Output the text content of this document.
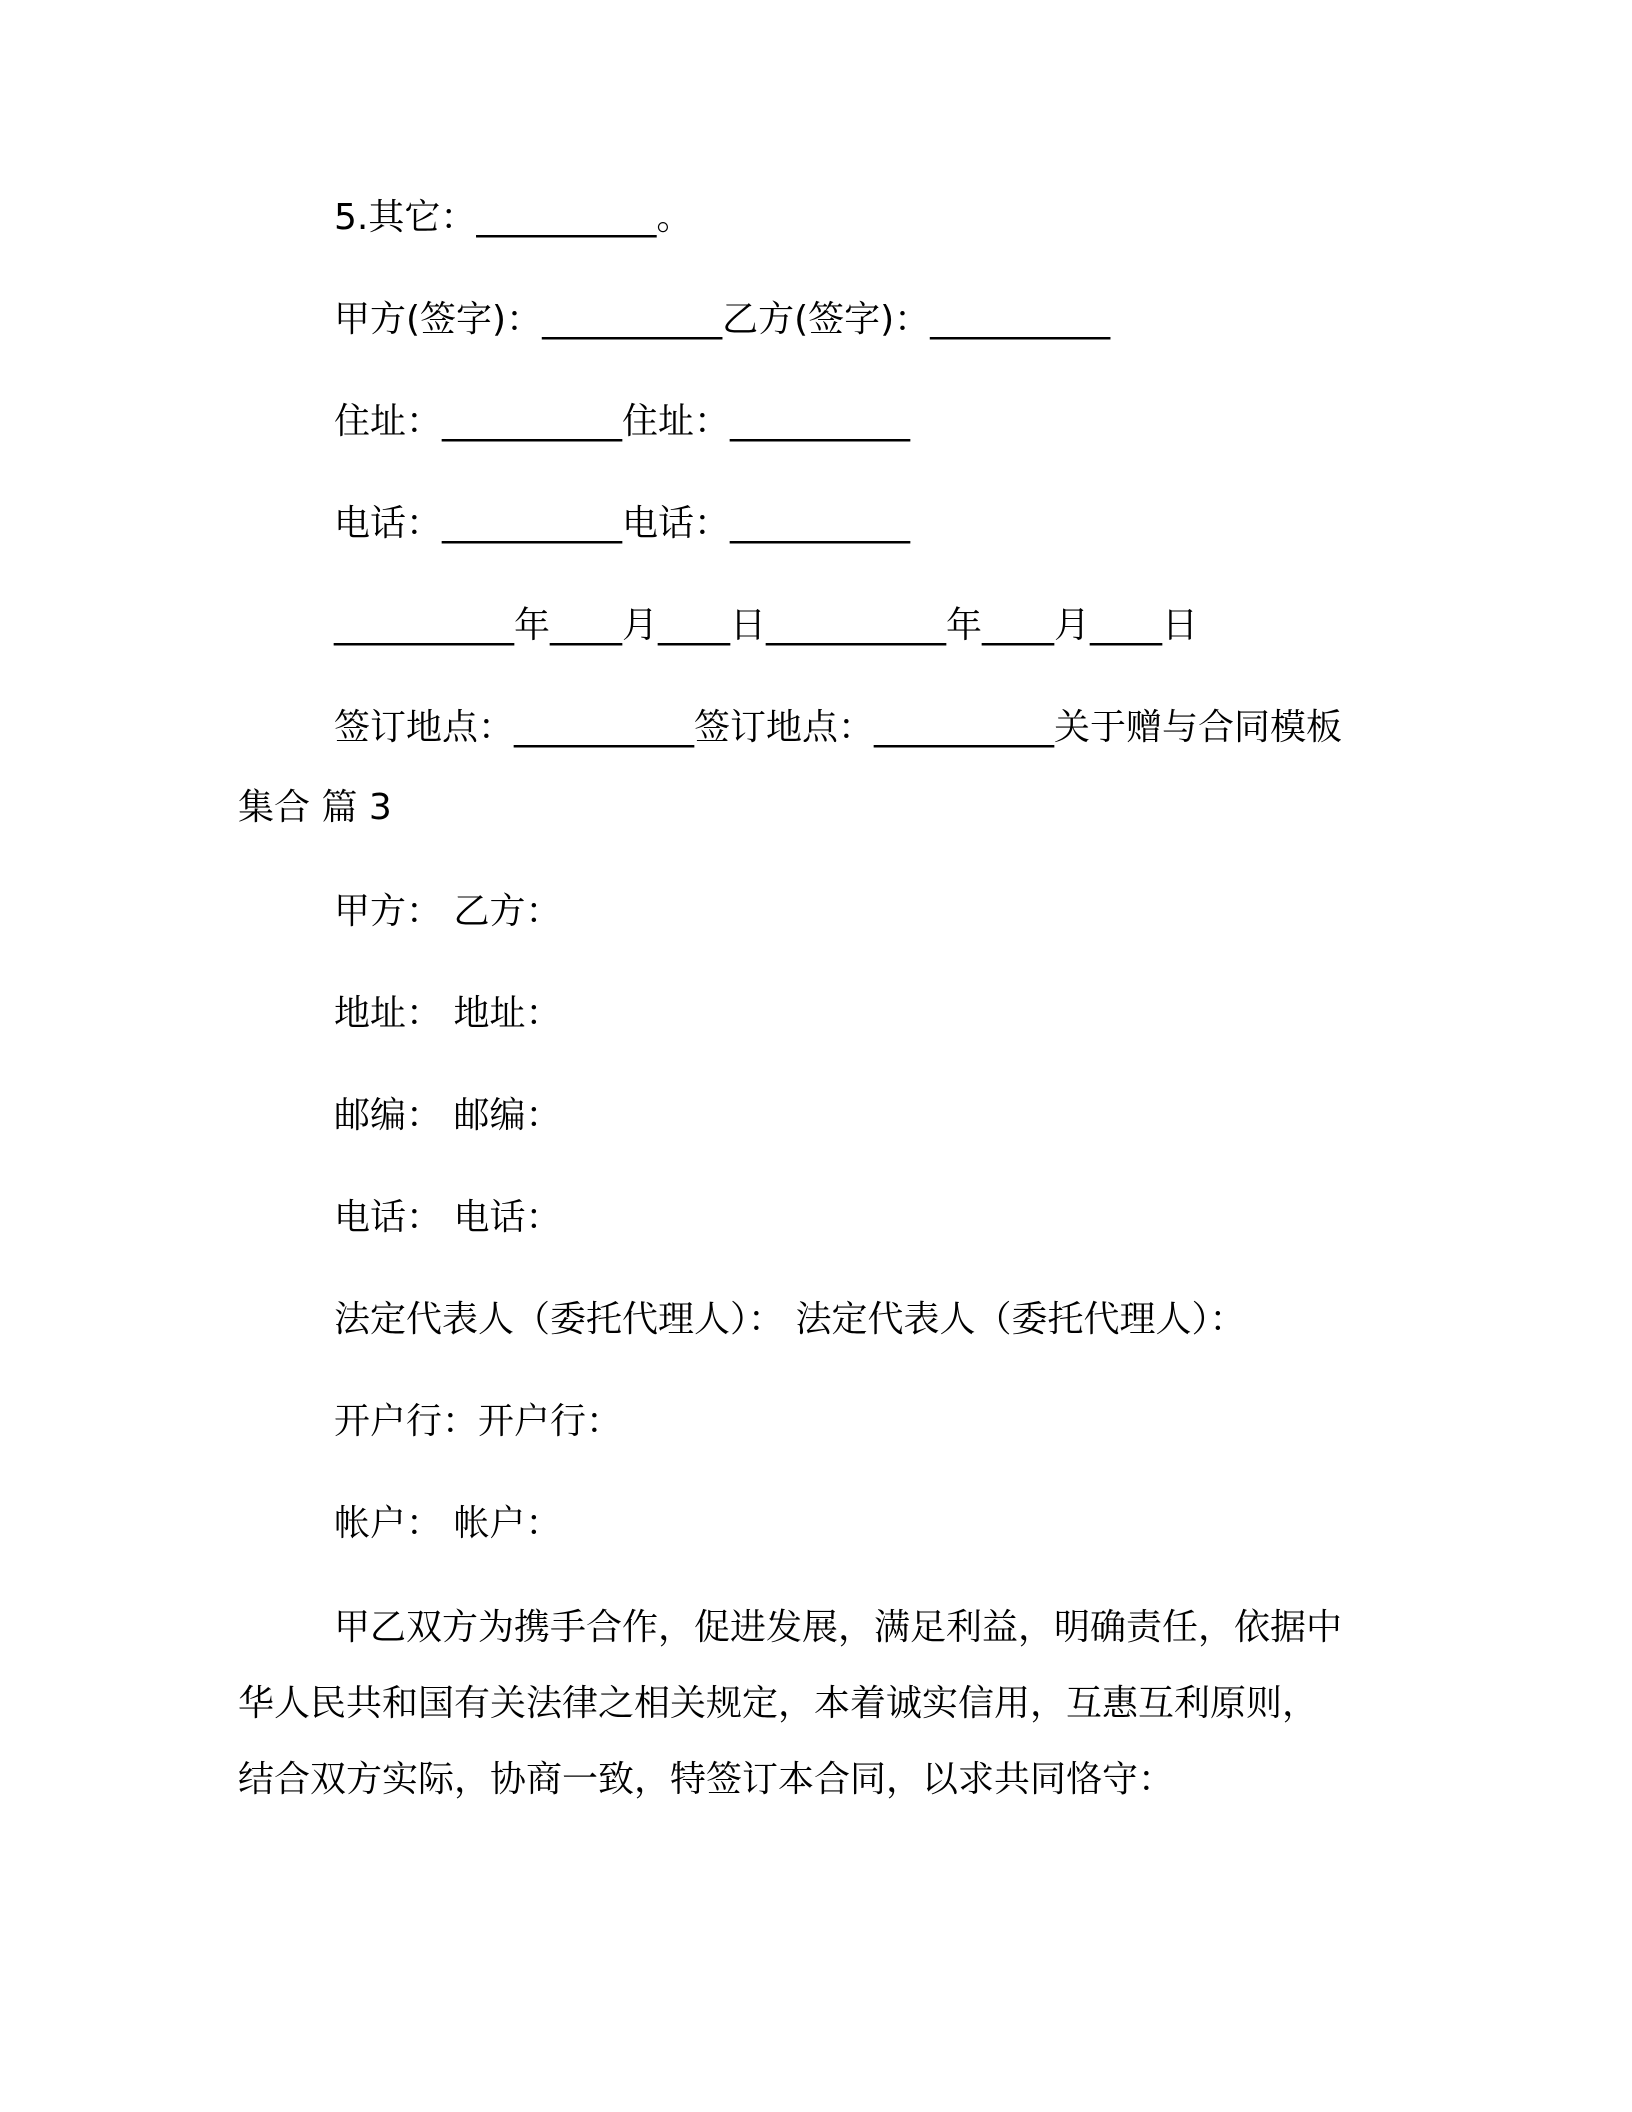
5.其它：__________。
甲方(签字)：__________乙方(签字)：__________
住址：__________住址：__________
电话：__________电话：__________
__________年____月____日__________年____月____日
签订地点：__________签订地点：__________关于赠与合同模板
集合 篇 3
甲方： 乙方：
地址： 地址：
邮编： 邮编：
电话： 电话：
法定代表人（委托代理人）： 法定代表人（委托代理人）：
开户行：开户行：
帐户： 帐户：
甲乙双方为携手合作，促进发展，满足利益，明确责任，依据中
华人民共和国有关法律之相关规定，本着诚实信用，互惠互利原则，
结合双方实际，协商一致，特签订本合同，以求共同恪守：
